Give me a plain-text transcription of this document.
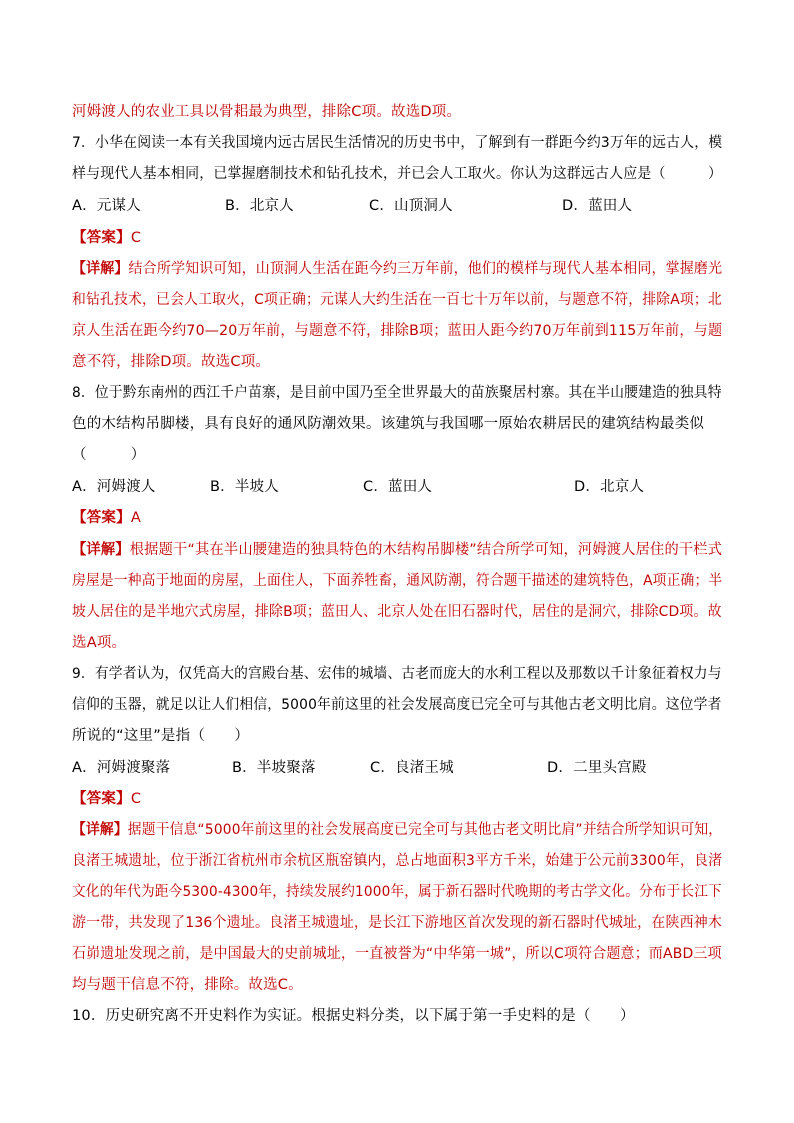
河姆渡人的农业工具以骨耜最为典型，排除C项。故选D项。
7．小华在阅读一本有关我国境内远古居民生活情况的历史书中，了解到有一群距今约3万年的远古人，模
样与现代人基本相同，已掌握磨制技术和钻孔技术，并已会人工取火。你认为这群远古人应是（　　　）
A．元谋人	B．北京人	C．山顶洞人	D．蓝田人
【答案】C
【详解】结合所学知识可知，山顶洞人生活在距今约三万年前，他们的模样与现代人基本相同，掌握磨光
和钻孔技术，已会人工取火，C项正确；元谋人大约生活在一百七十万年以前，与题意不符，排除A项；北
京人生活在距今约70—20万年前，与题意不符，排除B项；蓝田人距今约70万年前到115万年前，与题
意不符，排除D项。故选C项。
8．位于黔东南州的西江千户苗寨，是目前中国乃至全世界最大的苗族聚居村寨。其在半山腰建造的独具特
色的木结构吊脚楼，具有良好的通风防潮效果。该建筑与我国哪一原始农耕居民的建筑结构最类似
（　　　）
A．河姆渡人	B．半坡人	C．蓝田人	D．北京人
【答案】A
【详解】根据题干“其在半山腰建造的独具特色的木结构吊脚楼”结合所学可知，河姆渡人居住的干栏式
房屋是一种高于地面的房屋，上面住人，下面养牲畜，通风防潮，符合题干描述的建筑特色，A项正确；半
坡人居住的是半地穴式房屋，排除B项；蓝田人、北京人处在旧石器时代，居住的是洞穴，排除CD项。故
选A项。
9．有学者认为，仅凭高大的宫殿台基、宏伟的城墙、古老而庞大的水利工程以及那数以千计象征着权力与
信仰的玉器，就足以让人们相信，5000年前这里的社会发展高度已完全可与其他古老文明比肩。这位学者
所说的“这里”是指（　　）
A．河姆渡聚落	B．半坡聚落	C．良渚王城	D．二里头宫殿
【答案】C
【详解】据题干信息“5000年前这里的社会发展高度已完全可与其他古老文明比肩”并结合所学知识可知，
良渚王城遗址，位于浙江省杭州市余杭区瓶窑镇内，总占地面积3平方千米，始建于公元前3300年，良渚
文化的年代为距今5300-4300年，持续发展约1000年，属于新石器时代晚期的考古学文化。分布于长江下
游一带，共发现了136个遗址。良渚王城遗址，是长江下游地区首次发现的新石器时代城址，在陕西神木
石峁遗址发现之前，是中国最大的史前城址，一直被誉为“中华第一城”，所以C项符合题意；而ABD三项
均与题干信息不符，排除。故选C。
10．历史研究离不开史料作为实证。根据史料分类，以下属于第一手史料的是（　　）
